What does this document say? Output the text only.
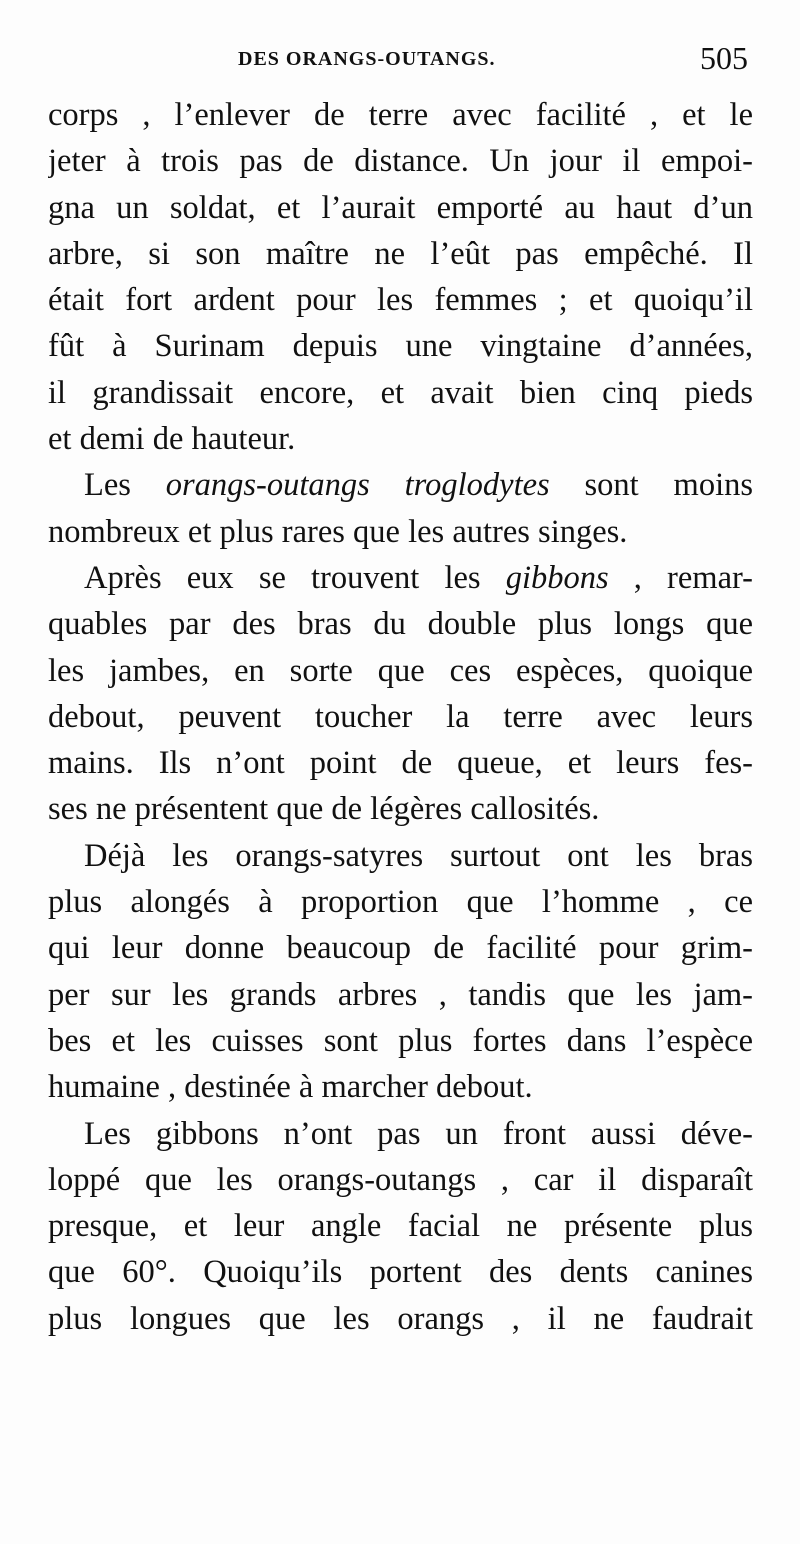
DES ORANGS-OUTANGS.	505
corps , l’enlever de terre avec facilité , et le
jeter à trois pas de distance. Un jour il empoi-
gna un soldat, et l’aurait emporté au haut d’un
arbre, si son maître ne l’eût pas empêché. Il
était fort ardent pour les femmes ; et quoiqu’il
fût à Surinam depuis une vingtaine d’années,
il grandissait encore, et avait bien cinq pieds
et demi de hauteur.
Les orangs-outangs troglodytes sont moins
nombreux et plus rares que les autres singes.
Après eux se trouvent les gibbons , remar-
quables par des bras du double plus longs que
les jambes, en sorte que ces espèces, quoique
debout, peuvent toucher la terre avec leurs
mains. Ils n’ont point de queue, et leurs fes-
ses ne présentent que de légères callosités.
Déjà les orangs-satyres surtout ont les bras
plus alongés à proportion que l’homme , ce
qui leur donne beaucoup de facilité pour grim-
per sur les grands arbres , tandis que les jam-
bes et les cuisses sont plus fortes dans l’espèce
humaine , destinée à marcher debout.
Les gibbons n’ont pas un front aussi déve-
loppé que les orangs-outangs , car il disparaît
presque, et leur angle facial ne présente plus
que 60°. Quoiqu’ils portent des dents canines
plus longues que les orangs , il ne faudrait
